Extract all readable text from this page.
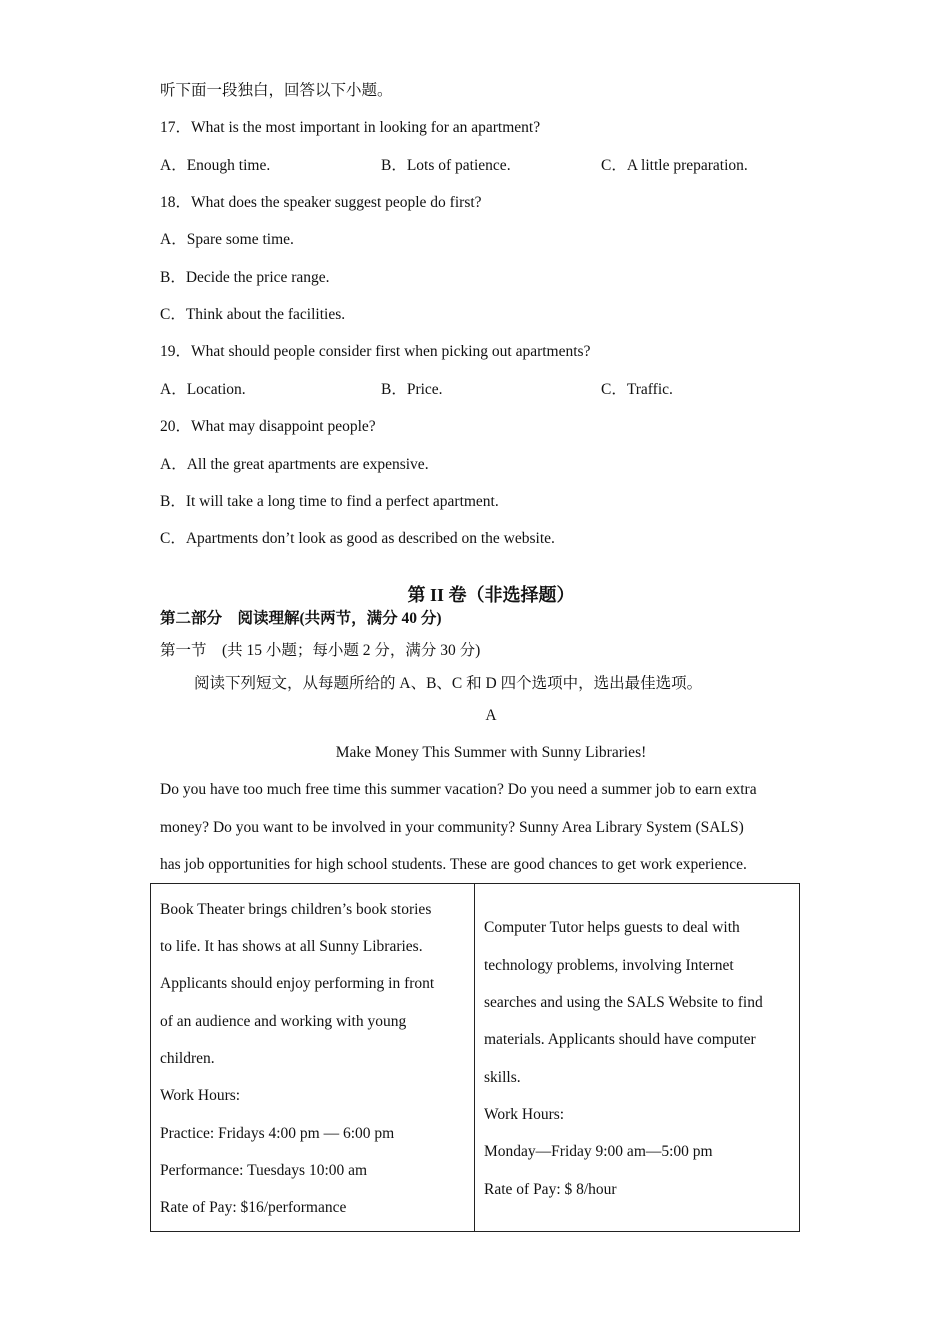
听下面一段独白，回答以下小题。
17．What is the most important in looking for an apartment?
A．Enough time.	B．Lots of patience.	C．A little preparation.
18．What does the speaker suggest people do first?
A．Spare some time.
B．Decide the price range.
C．Think about the facilities.
19．What should people consider first when picking out apartments?
A．Location.	B．Price.	C．Traffic.
20．What may disappoint people?
A．All the great apartments are expensive.
B．It will take a long time to find a perfect apartment.
C．Apartments don’t look as good as described on the website.
第 II 卷（非选择题）
第二部分　阅读理解(共两节，满分 40 分)
第一节　(共 15 小题；每小题 2 分，满分 30 分)
阅读下列短文，从每题所给的 A、B、C 和 D 四个选项中，选出最佳选项。
A
Make Money This Summer with Sunny Libraries!
Do you have too much free time this summer vacation? Do you need a summer job to earn extra
money? Do you want to be involved in your community? Sunny Area Library System (SALS)
has job opportunities for high school students. These are good chances to get work experience.
Book Theater brings children’s book stories
to life. It has shows at all Sunny Libraries.
Applicants should enjoy performing in front
of an audience and working with young
children.
Work Hours:
Practice: Fridays 4:00 pm — 6:00 pm
Performance: Tuesdays 10:00 am
Rate of Pay: $16/performance
Computer Tutor helps guests to deal with
technology problems, involving Internet
searches and using the SALS Website to find
materials. Applicants should have computer
skills.
Work Hours:
Monday—Friday 9:00 am—5:00 pm
Rate of Pay: $ 8/hour
